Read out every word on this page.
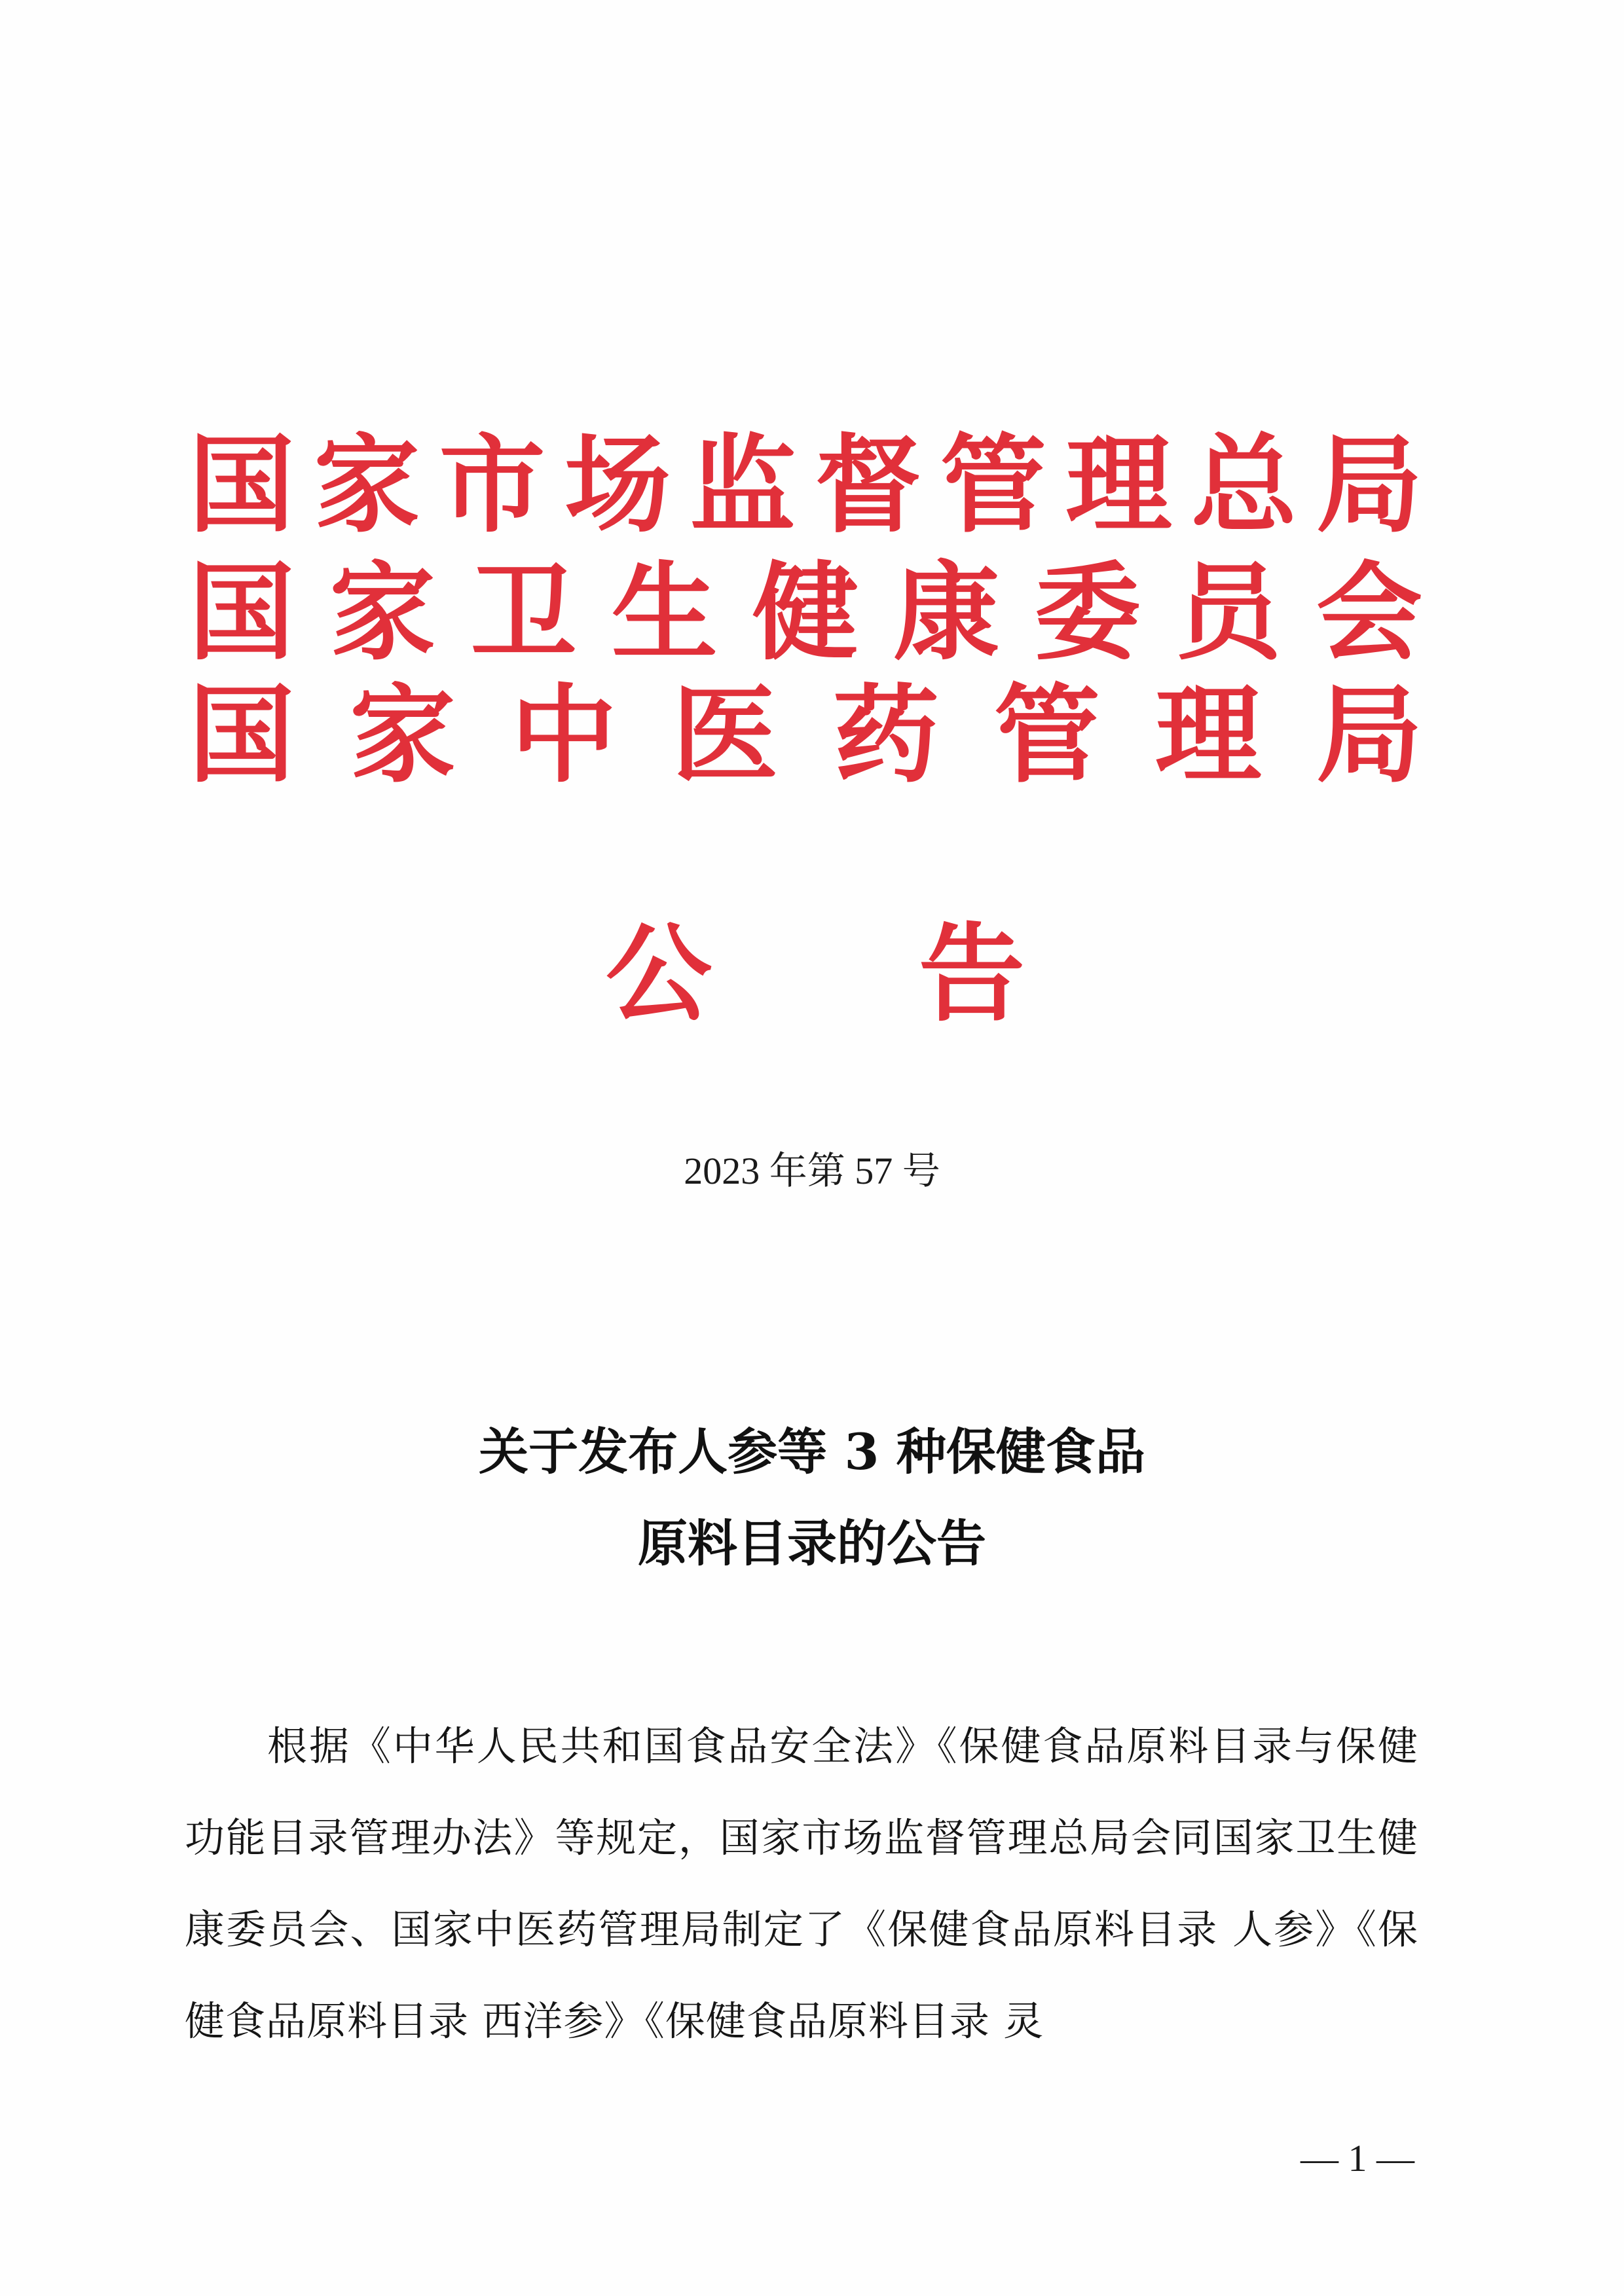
国 家 市 场 监 督 管 理 总 局
国 家 卫 生 健 康 委 员 会
国 家 中 医 药 管 理 局
公 告
2023 年第 57 号
关于发布人参等 3 种保健食品
原料目录的公告

根据《中华人民共和国食品安全法》《保健食品原料目录与保健功能目录管理办法》等规定，国家市场监督管理总局会同国家卫生健康委员会、国家中医药管理局制定了《保健食品原料目录 人参》《保健食品原料目录 西洋参》《保健食品原料目录 灵

— 1 —
